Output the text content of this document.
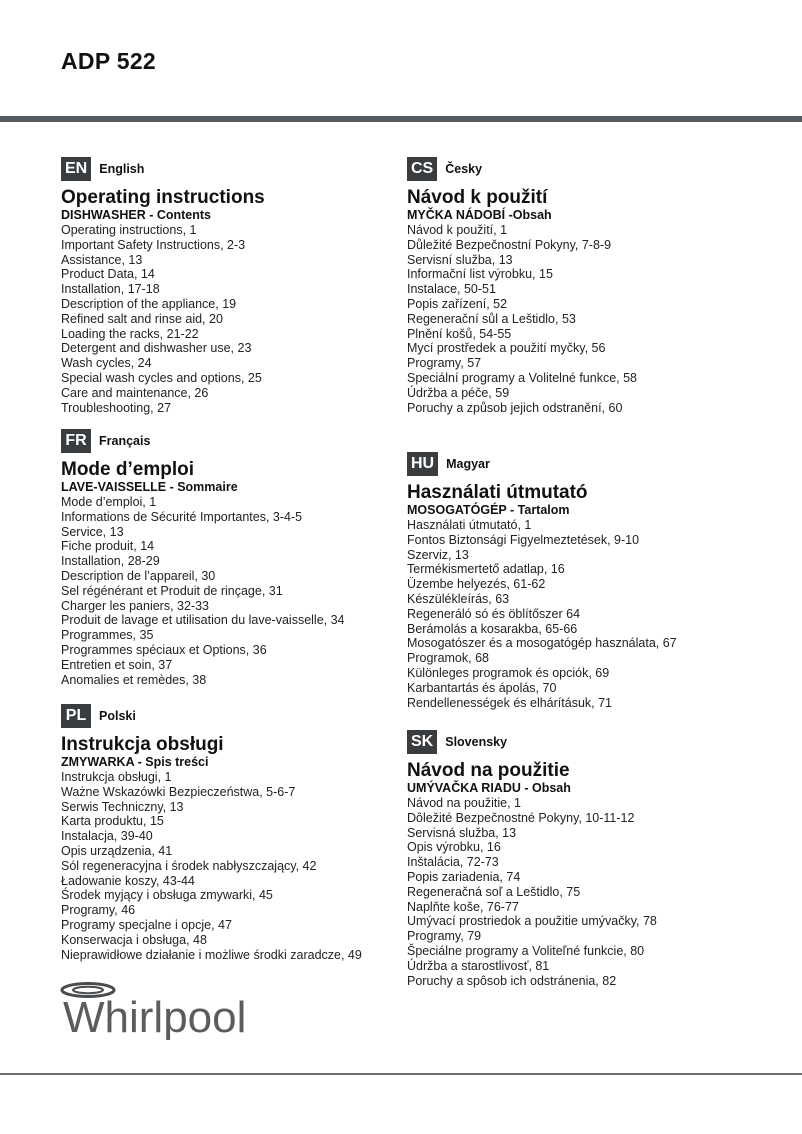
ADP 522
EN English
Operating instructions
DISHWASHER - Contents
Operating instructions, 1
Important Safety Instructions, 2-3
Assistance, 13
Product Data, 14
Installation, 17-18
Description of the appliance, 19
Refined salt and rinse aid, 20
Loading the racks, 21-22
Detergent and dishwasher use, 23
Wash cycles, 24
Special wash cycles and options, 25
Care and maintenance, 26
Troubleshooting, 27
FR Français
Mode d’emploi
LAVE-VAISSELLE - Sommaire
Mode d’emploi, 1
Informations de Sécurité Importantes, 3-4-5
Service, 13
Fiche produit, 14
Installation, 28-29
Description de l’appareil, 30
Sel régénérant et Produit de rinçage, 31
Charger les paniers, 32-33
Produit de lavage et utilisation du lave-vaisselle, 34
Programmes, 35
Programmes spéciaux et Options, 36
Entretien et soin, 37
Anomalies et remèdes, 38
PL	Polski
Instrukcja obsługi
ZMYWARKA - Spis treści
Instrukcja obsługi, 1
Ważne Wskazówki Bezpieczeństwa, 5-6-7
Serwis Techniczny, 13
Karta produktu, 15
Instalacja, 39-40
Opis urządzenia, 41
Sól regeneracyjna i środek nabłyszczający, 42
Ładowanie koszy, 43-44
Środek myjący i obsługa zmywarki, 45
Programy, 46
Programy specjalne i opcje, 47
Konserwacja i obsługa, 48
Nieprawidłowe działanie i możliwe środki zaradcze, 49
CS Česky
Návod k použití
MYČKA NÁDOBÍ -Obsah
Návod k použití, 1
Důležité Bezpečnostní Pokyny, 7-8-9
Servisní služba, 13
Informační list výrobku, 15
Instalace, 50-51
Popis zařízení, 52
Regenerační sůl a Leštidlo, 53
Plnění košů, 54-55
Mycí prostředek a použití myčky, 56
Programy, 57
Speciální programy a Volitelné funkce, 58
Údržba a péče, 59
Poruchy a způsob jejich odstranění, 60
HU Magyar
Használati útmutató
MOSOGATÓGÉP - Tartalom
Használati útmutató, 1
Fontos Biztonsági Figyelmeztetések, 9-10
Szerviz, 13
Termékismertető adatlap, 16
Üzembe helyezés, 61-62
Készülékleírás, 63
Regeneráló só és öblítőszer 64
Berámolás a kosarakba, 65-66
Mosogatószer és a mosogatógép használata, 67
Programok, 68
Különleges programok és opciók, 69
Karbantartás és ápolás, 70
Rendellenességek és elhárításuk, 71
SK Slovensky
Návod na použitie
UMÝVAČKA RIADU - Obsah
Návod na použitie, 1
Dôležité Bezpečnostné Pokyny, 10-11-12
Servisná služba, 13
Opis výrobku, 16
Inštalácia, 72-73
Popis zariadenia, 74
Regeneračná soľ a Leštidlo, 75
Naplňte koše, 76-77
Umývací prostriedok a použitie umývačky, 78
Programy, 79
Špeciálne programy a Voliteľné funkcie, 80
Údržba a starostlivosť, 81
Poruchy a spôsob ich odstránenia, 82
Whirlpool
